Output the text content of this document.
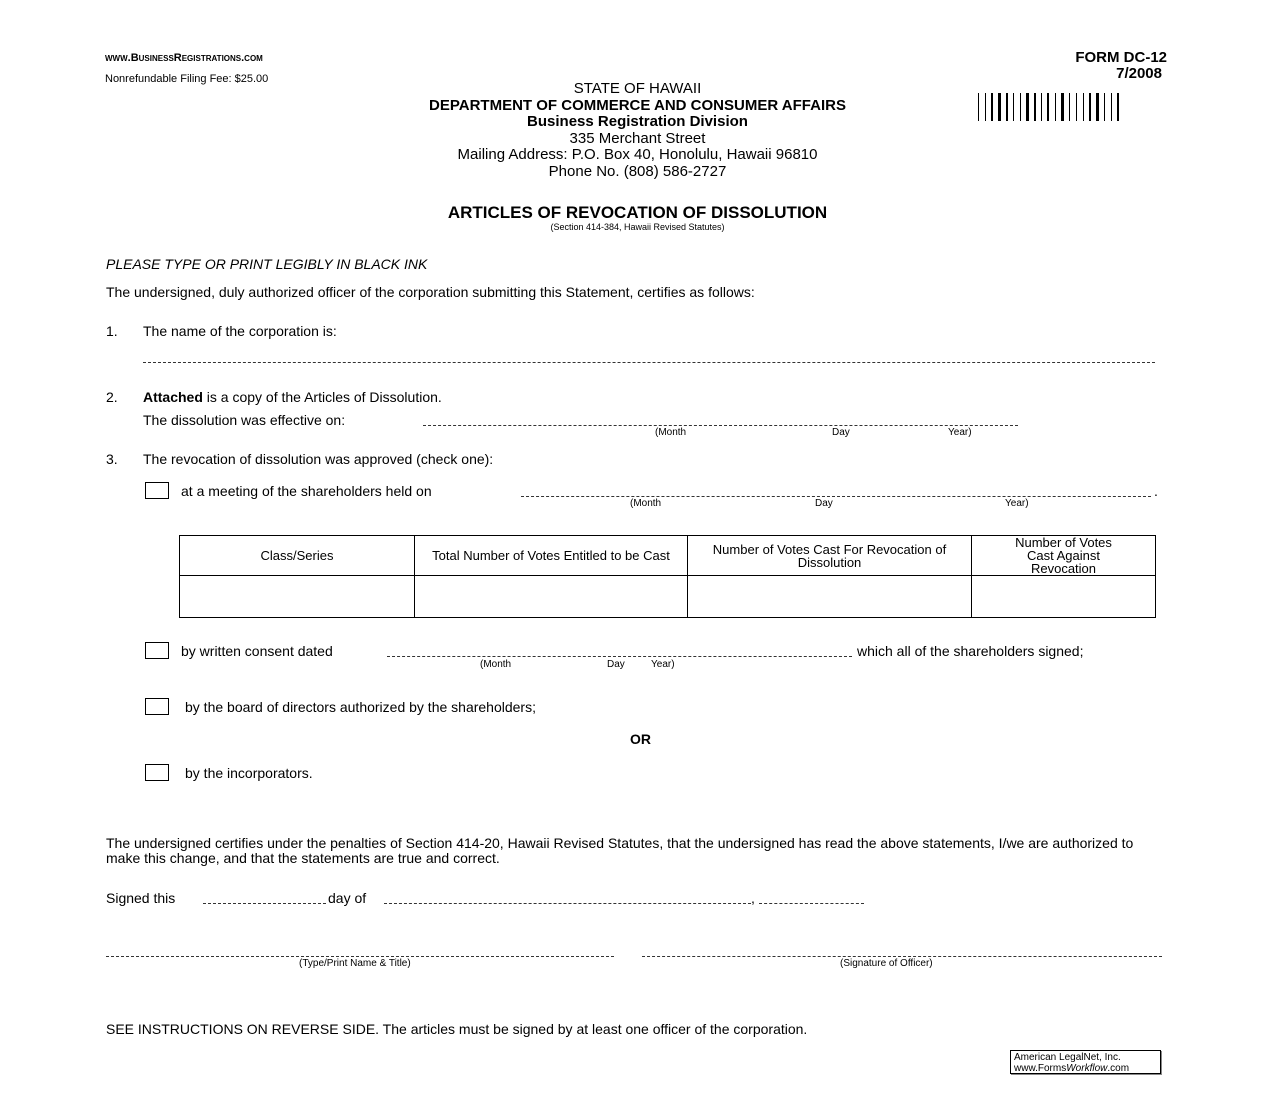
www.BusinessRegistrations.com
Nonrefundable Filing Fee: $25.00
FORM DC-12
7/2008
STATE OF HAWAII
DEPARTMENT OF COMMERCE AND CONSUMER AFFAIRS
Business Registration Division
335 Merchant Street
Mailing Address: P.O. Box 40, Honolulu, Hawaii 96810
Phone No. (808) 586-2727
ARTICLES OF REVOCATION OF DISSOLUTION
(Section 414-384, Hawaii Revised Statutes)
PLEASE TYPE OR PRINT LEGIBLY IN BLACK INK
The undersigned, duly authorized officer of the corporation submitting this Statement, certifies as follows:
1. The name of the corporation is:
2. Attached is a copy of the Articles of Dissolution.
The dissolution was effective on:
(Month	Day	Year)
3. The revocation of dissolution was approved (check one):
at a meeting of the shareholders held on	.
(Month	Day	Year)
Class/Series	Total Number of Votes Entitled to be Cast	Number of Votes Cast For Revocation of Dissolution	Number of Votes Cast Against Revocation

by written consent dated	which all of the shareholders signed;
(Month	Day	Year)
by the board of directors authorized by the shareholders;
OR
by the incorporators.
The undersigned certifies under the penalties of Section 414-20, Hawaii Revised Statutes, that the undersigned has read the above statements, I/we are authorized to make this change, and that the statements are true and correct.
Signed this	day of	,
(Type/Print Name & Title)	(Signature of Officer)
SEE INSTRUCTIONS ON REVERSE SIDE. The articles must be signed by at least one officer of the corporation.
American LegalNet, Inc.
www.FormsWorkflow.com
